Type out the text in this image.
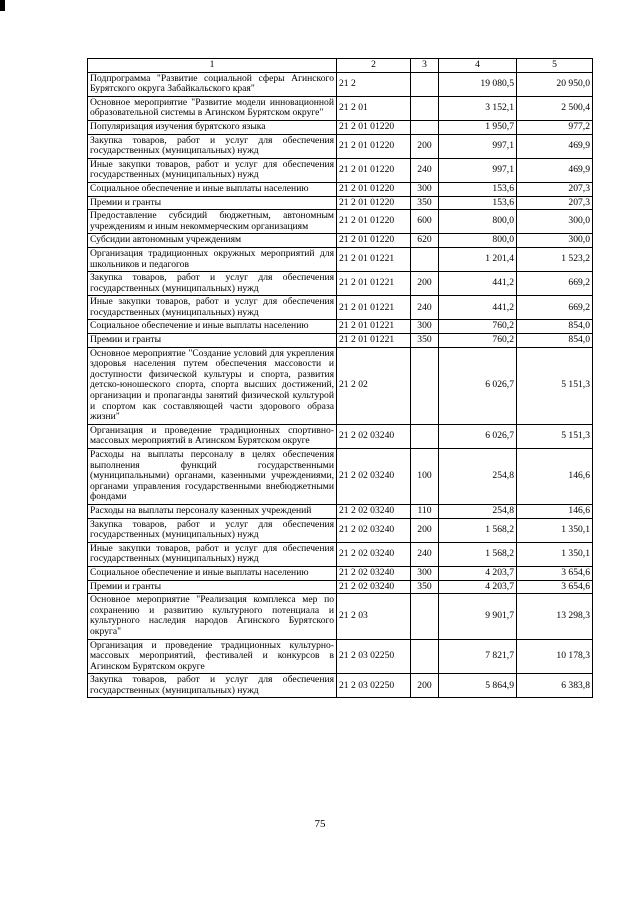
1	2	3	4	5
Подпрограмма "Развитие социальной сферы Агинского Бурятского округа Забайкальского края"	21 2		19 080,5	20 950,0
Основное мероприятие "Развитие модели инновационной образовательной системы в Агинском Бурятском округе"	21 2 01		3 152,1	2 500,4
Популяризация изучения бурятского языка	21 2 01 01220		1 950,7	977,2
Закупка товаров, работ и услуг для обеспечения государственных (муниципальных) нужд	21 2 01 01220	200	997,1	469,9
Иные закупки товаров, работ и услуг для обеспечения государственных (муниципальных) нужд	21 2 01 01220	240	997,1	469,9
Социальное обеспечение и иные выплаты населению	21 2 01 01220	300	153,6	207,3
Премии и гранты	21 2 01 01220	350	153,6	207,3
Предоставление субсидий бюджетным, автономным учреждениям и иным некоммерческим организациям	21 2 01 01220	600	800,0	300,0
Субсидии автономным учреждениям	21 2 01 01220	620	800,0	300,0
Организация традиционных окружных мероприятий для школьников и педагогов	21 2 01 01221		1 201,4	1 523,2
Закупка товаров, работ и услуг для обеспечения государственных (муниципальных) нужд	21 2 01 01221	200	441,2	669,2
Иные закупки товаров, работ и услуг для обеспечения государственных (муниципальных) нужд	21 2 01 01221	240	441,2	669,2
Социальное обеспечение и иные выплаты населению	21 2 01 01221	300	760,2	854,0
Премии и гранты	21 2 01 01221	350	760,2	854,0
Основное мероприятие "Создание условий для укрепления здоровья населения путем обеспечения массовости и доступности физической культуры и спорта, развития детско-юношеского спорта, спорта высших достижений, организации и пропаганды занятий физической культурой и спортом как составляющей части здорового образа жизни"	21 2 02		6 026,7	5 151,3
Организация и проведение традиционных спортивно-массовых мероприятий в Агинском Бурятском округе	21 2 02 03240		6 026,7	5 151,3
Расходы на выплаты персоналу в целях обеспечения выполнения функций государственными (муниципальными) органами, казенными учреждениями, органами управления государственными внебюджетными фондами	21 2 02 03240	100	254,8	146,6
Расходы на выплаты персоналу казенных учреждений	21 2 02 03240	110	254,8	146,6
Закупка товаров, работ и услуг для обеспечения государственных (муниципальных) нужд	21 2 02 03240	200	1 568,2	1 350,1
Иные закупки товаров, работ и услуг для обеспечения государственных (муниципальных) нужд	21 2 02 03240	240	1 568,2	1 350,1
Социальное обеспечение и иные выплаты населению	21 2 02 03240	300	4 203,7	3 654,6
Премии и гранты	21 2 02 03240	350	4 203,7	3 654,6
Основное мероприятие "Реализация комплекса мер по сохранению и развитию культурного потенциала и культурного наследия народов Агинского Бурятского округа"	21 2 03		9 901,7	13 298,3
Организация и проведение традиционных культурно-массовых мероприятий, фестивалей и конкурсов в Агинском Бурятском округе	21 2 03 02250		7 821,7	10 178,3
Закупка товаров, работ и услуг для обеспечения государственных (муниципальных) нужд	21 2 03 02250	200	5 864,9	6 383,8
75
